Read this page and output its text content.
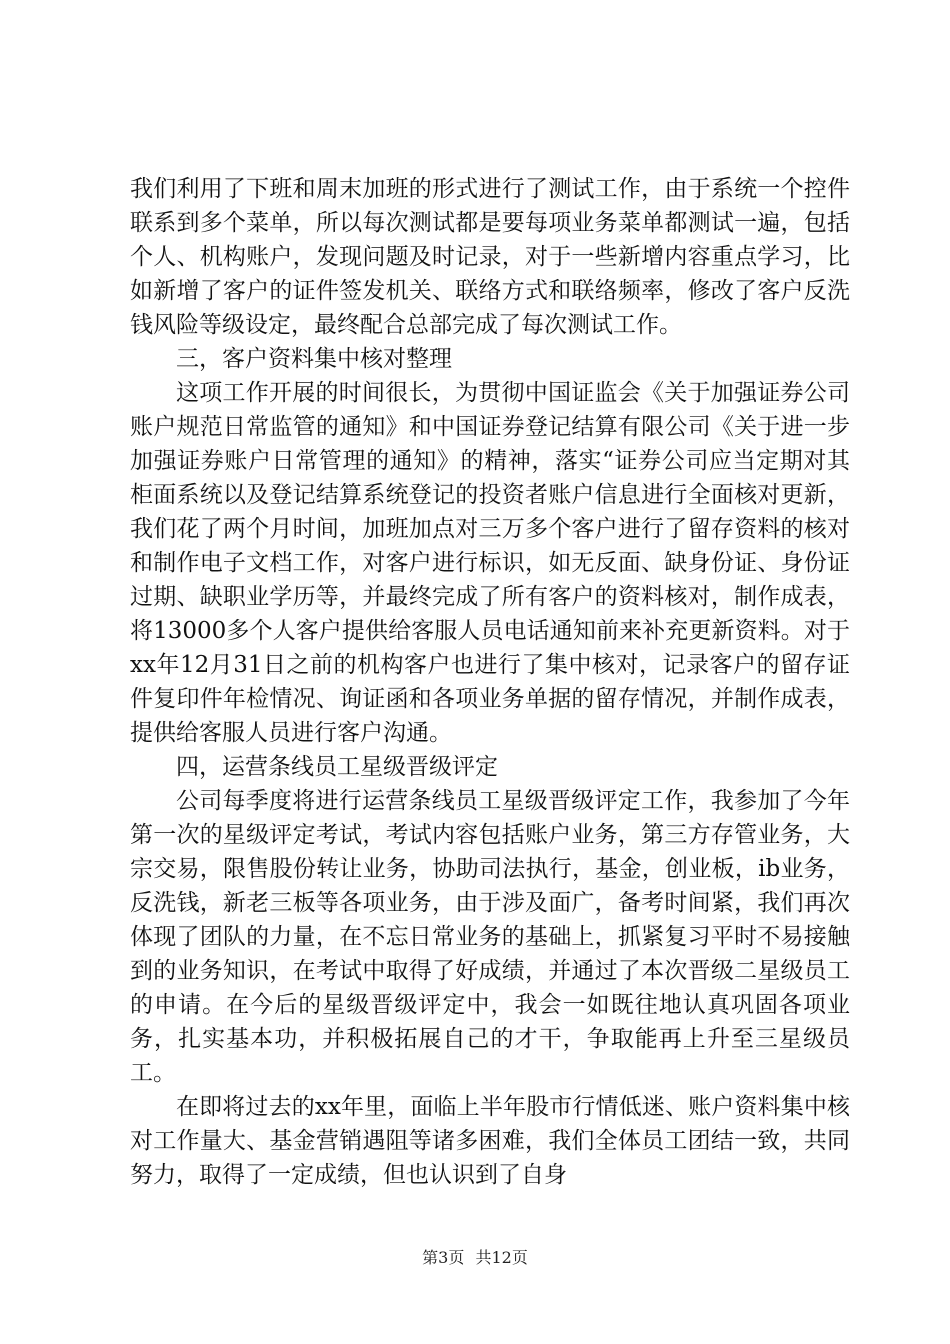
我们利用了下班和周末加班的形式进行了测试工作，由于系统一个控件联系到多个菜单，所以每次测试都是要每项业务菜单都测试一遍，包括个人、机构账户，发现问题及时记录，对于一些新增内容重点学习，比如新增了客户的证件签发机关、联络方式和联络频率，修改了客户反洗钱风险等级设定，最终配合总部完成了每次测试工作。

三，客户资料集中核对整理

这项工作开展的时间很长，为贯彻中国证监会《关于加强证券公司账户规范日常监管的通知》和中国证券登记结算有限公司《关于进一步加强证券账户日常管理的通知》的精神，落实“证券公司应当定期对其柜面系统以及登记结算系统登记的投资者账户信息进行全面核对更新，我们花了两个月时间，加班加点对三万多个客户进行了留存资料的核对和制作电子文档工作，对客户进行标识，如无反面、缺身份证、身份证过期、缺职业学历等，并最终完成了所有客户的资料核对，制作成表，将13000多个人客户提供给客服人员电话通知前来补充更新资料。对于xx年12月31日之前的机构客户也进行了集中核对，记录客户的留存证件复印件年检情况、询证函和各项业务单据的留存情况，并制作成表，提供给客服人员进行客户沟通。

四，运营条线员工星级晋级评定

公司每季度将进行运营条线员工星级晋级评定工作，我参加了今年第一次的星级评定考试，考试内容包括账户业务，第三方存管业务，大宗交易，限售股份转让业务，协助司法执行，基金，创业板，ib业务，反洗钱，新老三板等各项业务，由于涉及面广，备考时间紧，我们再次体现了团队的力量，在不忘日常业务的基础上，抓紧复习平时不易接触到的业务知识，在考试中取得了好成绩，并通过了本次晋级二星级员工的申请。在今后的星级晋级评定中，我会一如既往地认真巩固各项业务，扎实基本功，并积极拓展自己的才干，争取能再上升至三星级员工。

在即将过去的xx年里，面临上半年股市行情低迷、账户资料集中核对工作量大、基金营销遇阻等诸多困难，我们全体员工团结一致，共同努力，取得了一定成绩，但也认识到了自身

第3页 共12页
